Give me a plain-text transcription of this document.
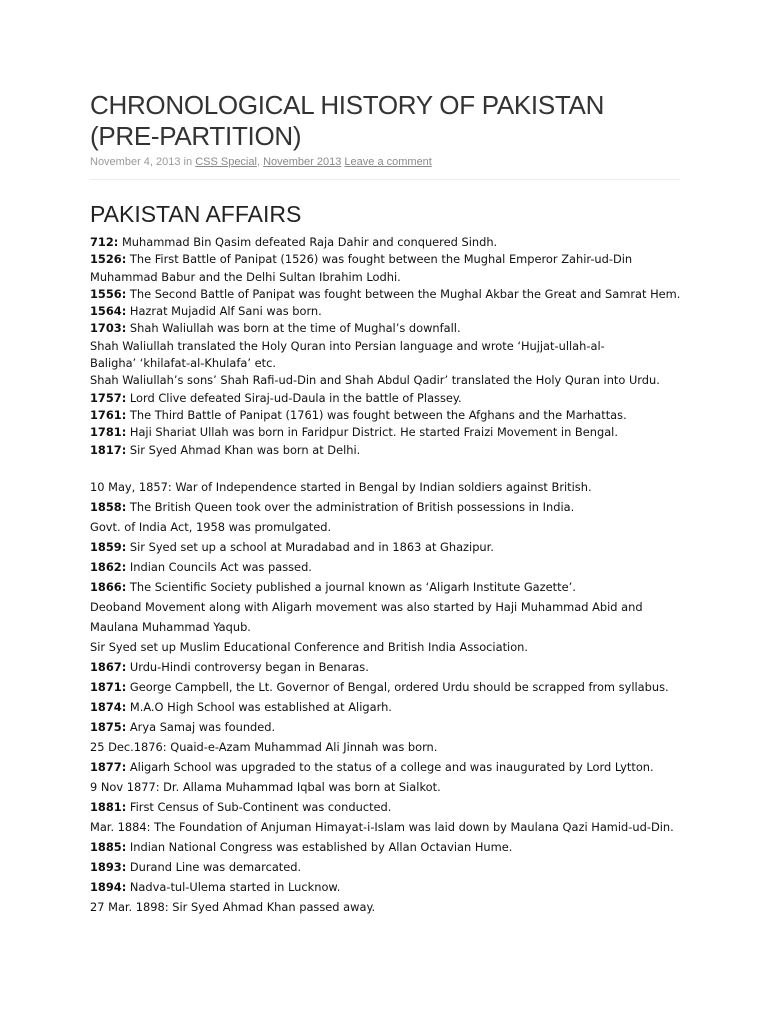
CHRONOLOGICAL HISTORY OF PAKISTAN
(PRE-PARTITION)
November 4, 2013 in CSS Special, November 2013 Leave a comment
PAKISTAN AFFAIRS
712: Muhammad Bin Qasim defeated Raja Dahir and conquered Sindh.
1526: The First Battle of Panipat (1526) was fought between the Mughal Emperor Zahir-ud-Din
Muhammad Babur and the Delhi Sultan Ibrahim Lodhi.
1556: The Second Battle of Panipat was fought between the Mughal Akbar the Great and Samrat Hem.
1564: Hazrat Mujadid Alf Sani was born.
1703: Shah Waliullah was born at the time of Mughal’s downfall.
Shah Waliullah translated the Holy Quran into Persian language and wrote ‘Hujjat-ullah-al-
Baligha’ ‘khilafat-al-Khulafa’ etc.
Shah Waliullah’s sons’ Shah Rafi-ud-Din and Shah Abdul Qadir’ translated the Holy Quran into Urdu.
1757: Lord Clive defeated Siraj-ud-Daula in the battle of Plassey.
1761: The Third Battle of Panipat (1761) was fought between the Afghans and the Marhattas.
1781: Haji Shariat Ullah was born in Faridpur District. He started Fraizi Movement in Bengal.
1817: Sir Syed Ahmad Khan was born at Delhi.
10 May, 1857: War of Independence started in Bengal by Indian soldiers against British.
1858: The British Queen took over the administration of British possessions in India.
Govt. of India Act, 1958 was promulgated.
1859: Sir Syed set up a school at Muradabad and in 1863 at Ghazipur.
1862: Indian Councils Act was passed.
1866: The Scientific Society published a journal known as ‘Aligarh Institute Gazette’.
Deoband Movement along with Aligarh movement was also started by Haji Muhammad Abid and
Maulana Muhammad Yaqub.
Sir Syed set up Muslim Educational Conference and British India Association.
1867: Urdu-Hindi controversy began in Benaras.
1871: George Campbell, the Lt. Governor of Bengal, ordered Urdu should be scrapped from syllabus.
1874: M.A.O High School was established at Aligarh.
1875: Arya Samaj was founded.
25 Dec.1876: Quaid-e-Azam Muhammad Ali Jinnah was born.
1877: Aligarh School was upgraded to the status of a college and was inaugurated by Lord Lytton.
9 Nov 1877: Dr. Allama Muhammad Iqbal was born at Sialkot.
1881: First Census of Sub-Continent was conducted.
Mar. 1884: The Foundation of Anjuman Himayat-i-Islam was laid down by Maulana Qazi Hamid-ud-Din.
1885: Indian National Congress was established by Allan Octavian Hume.
1893: Durand Line was demarcated.
1894: Nadva-tul-Ulema started in Lucknow.
27 Mar. 1898: Sir Syed Ahmad Khan passed away.
